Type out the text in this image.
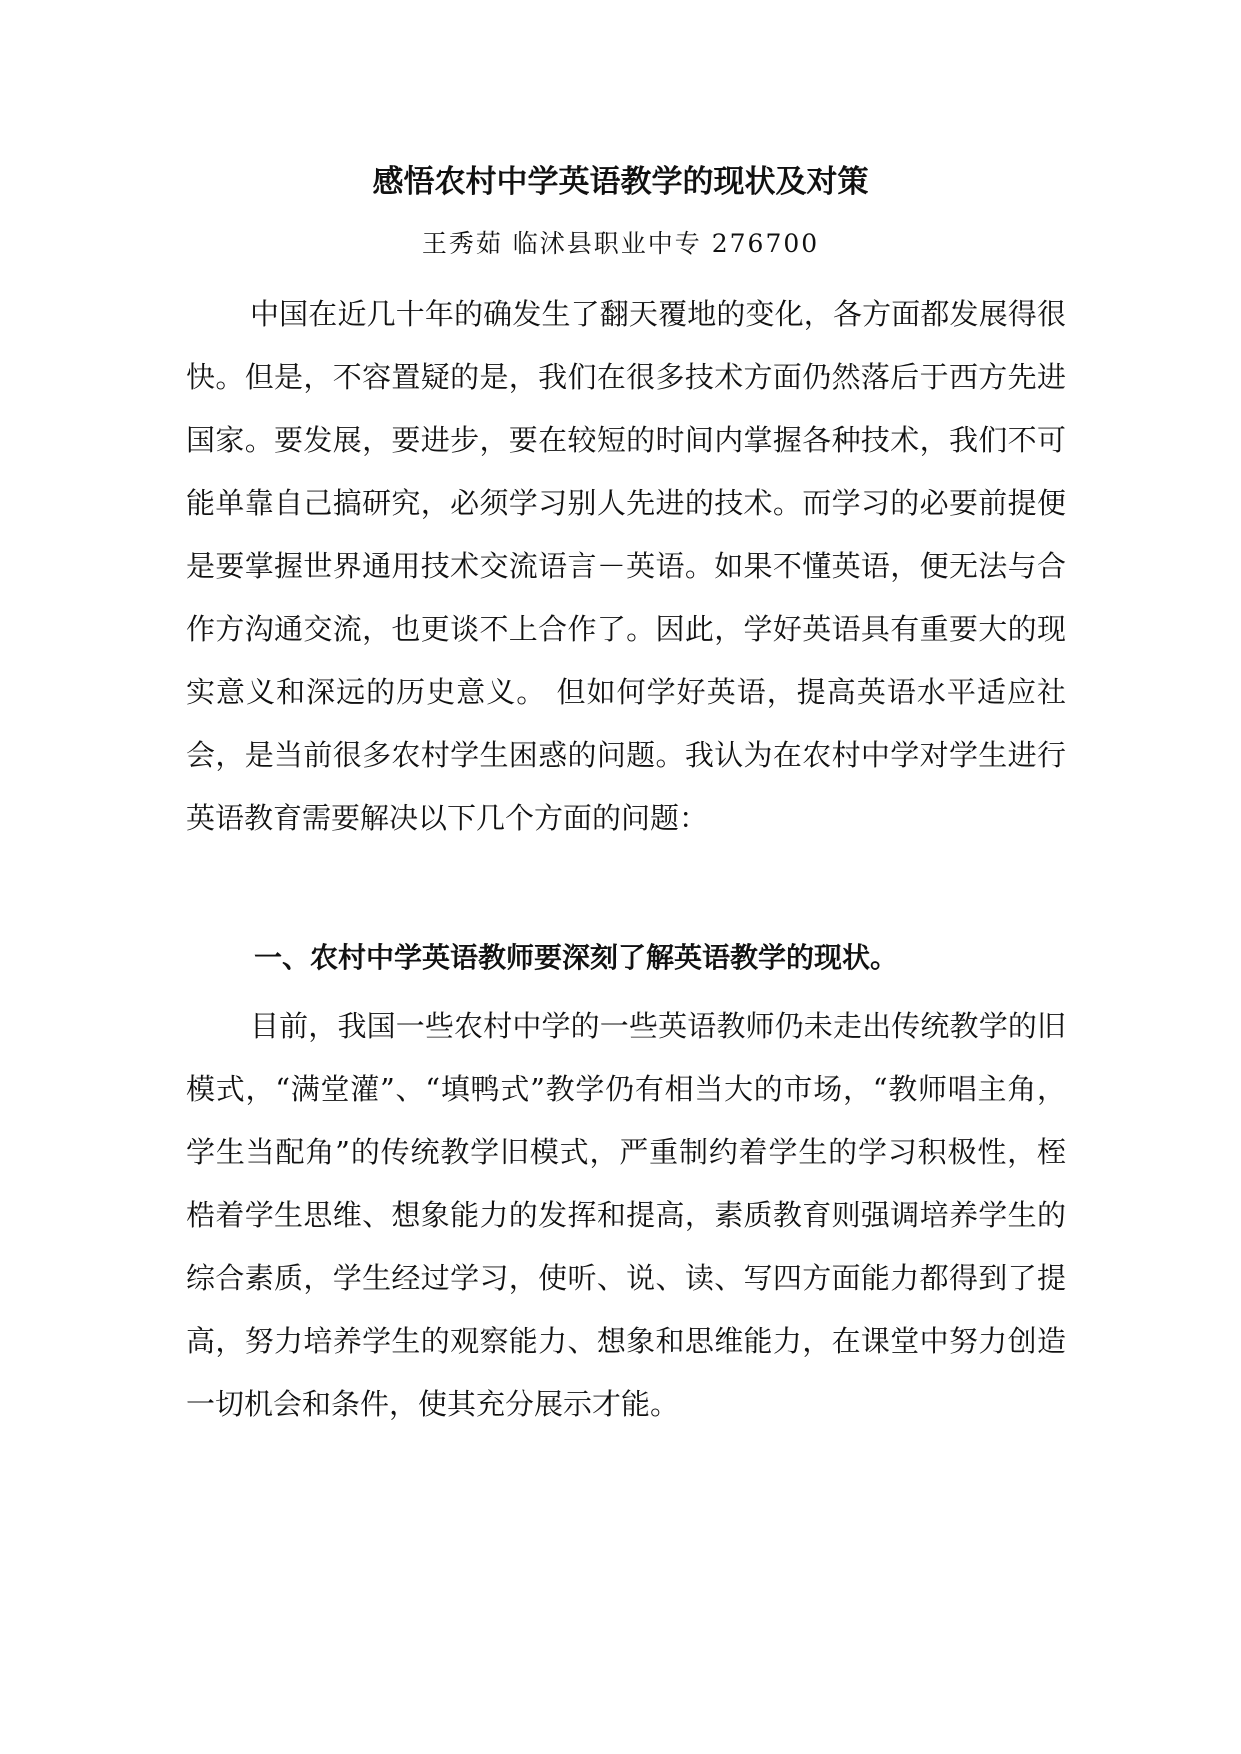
感悟农村中学英语教学的现状及对策
王秀茹 临沭县职业中专 276700

中国在近几十年的确发生了翻天覆地的变化，各方面都发展得很快。但是，不容置疑的是，我们在很多技术方面仍然落后于西方先进国家。要发展，要进步，要在较短的时间内掌握各种技术，我们不可能单靠自己搞研究，必须学习别人先进的技术。而学习的必要前提便是要掌握世界通用技术交流语言－英语。如果不懂英语，便无法与合作方沟通交流，也更谈不上合作了。因此，学好英语具有重要大的现实意义和深远的历史意义。 但如何学好英语，提高英语水平适应社会，是当前很多农村学生困惑的问题。我认为在农村中学对学生进行英语教育需要解决以下几个方面的问题：

一、农村中学英语教师要深刻了解英语教学的现状。

目前，我国一些农村中学的一些英语教师仍未走出传统教学的旧模式，“满堂灌”、“填鸭式”教学仍有相当大的市场，“教师唱主角，学生当配角”的传统教学旧模式，严重制约着学生的学习积极性，桎梏着学生思维、想象能力的发挥和提高，素质教育则强调培养学生的综合素质，学生经过学习，使听、说、读、写四方面能力都得到了提高，努力培养学生的观察能力、想象和思维能力，在课堂中努力创造一切机会和条件，使其充分展示才能。
